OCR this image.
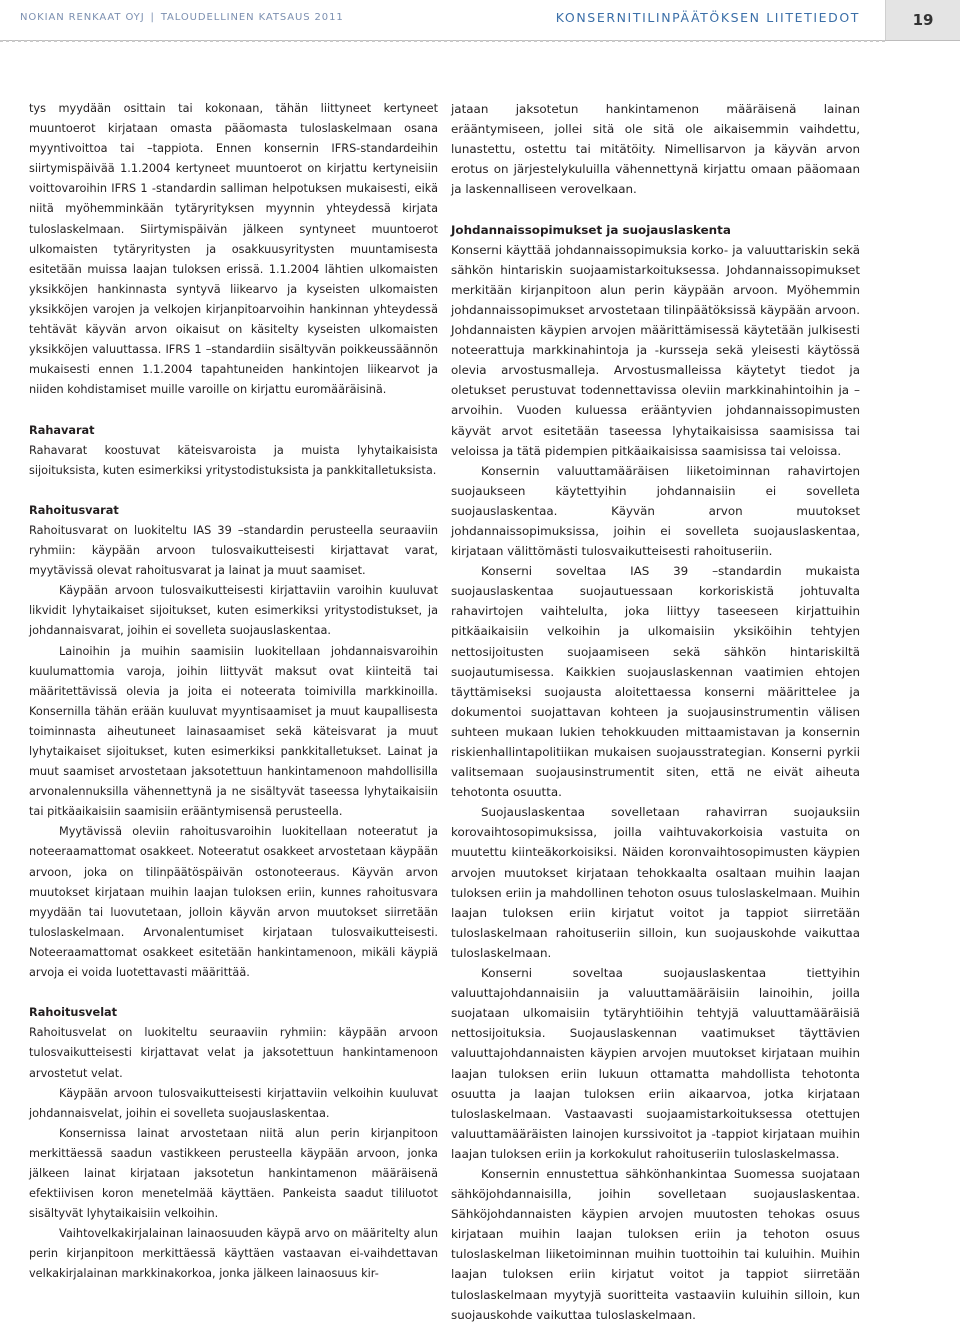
NOKIAN RENKAAT OYJ | TALOUDELLINEN KATSAUS 2011	KONSERNITILINPÄÄTÖKSEN LIITETIEDOT	19

tys myydään osittain tai kokonaan, tähän liittyneet kertyneet muuntoerot kirjataan omasta pääomasta tuloslaskelmaan osana myyntivoittoa tai –tappiota. Ennen konsernin IFRS-standardeihin siirtymispäivää 1.1.2004 kertyneet muuntoerot on kirjattu kertyneisiin voittovaroihin IFRS 1 -standardin salliman helpotuksen mukaisesti, eikä niitä myöhemminkään tytäryrityksen myynnin yhteydessä kirjata tuloslaskelmaan. Siirtymispäivän jälkeen syntyneet muuntoerot ulkomaisten tytäryritysten ja osakkuusyritysten muuntamisesta esitetään muissa laajan tuloksen erissä. 1.1.2004 lähtien ulkomaisten yksikköjen hankinnasta syntyvä liikearvo ja kyseisten ulkomaisten yksikköjen varojen ja velkojen kirjanpitoarvoihin hankinnan yhteydessä tehtävät käyvän arvon oikaisut on käsitelty kyseisten ulkomaisten yksikköjen valuuttassa. IFRS 1 –standardiin sisältyvän poikkeussäännön mukaisesti ennen 1.1.2004 tapahtuneiden hankintojen liikearvot ja niiden kohdistamiset muille varoille on kirjattu euromääräisinä.

Rahavarat

Rahavarat koostuvat käteisvaroista ja muista lyhytaikaisista sijoituksista, kuten esimerkiksi yritystodistuksista ja pankkitalletuksista.

Rahoitusvarat

Rahoitusvarat on luokiteltu IAS 39 –standardin perusteella seuraaviin ryhmiin: käypään arvoon tulosvaikutteisesti kirjattavat varat, myytävissä olevat rahoitusvarat ja lainat ja muut saamiset.

Käypään arvoon tulosvaikutteisesti kirjattaviin varoihin kuuluvat likvidit lyhytaikaiset sijoitukset, kuten esimerkiksi yritystodistukset, ja johdannaisvarat, joihin ei sovelleta suojauslaskentaa.

Lainoihin ja muihin saamisiin luokitellaan johdannaisvaroihin kuulumattomia varoja, joihin liittyvät maksut ovat kiinteitä tai määritettävissä olevia ja joita ei noteerata toimivilla markkinoilla. Konsernilla tähän erään kuuluvat myyntisaamiset ja muut kaupallisesta toiminnasta aiheutuneet lainasaamiset sekä käteisvarat ja muut lyhytaikaiset sijoitukset, kuten esimerkiksi pankkitalletukset. Lainat ja muut saamiset arvostetaan jaksotettuun hankintamenoon mahdollisilla arvonalennuksilla vähennettynä ja ne sisältyvät taseessa lyhytaikaisiin tai pitkäaikaisiin saamisiin erääntymisensä perusteella.

Myytävissä oleviin rahoitusvaroihin luokitellaan noteeratut ja noteeraamattomat osakkeet. Noteeratut osakkeet arvostetaan käypään arvoon, joka on tilinpäätöspäivän ostonoteeraus. Käyvän arvon muutokset kirjataan muihin laajan tuloksen eriin, kunnes rahoitusvara myydään tai luovutetaan, jolloin käyvän arvon muutokset siirretään tuloslaskelmaan. Arvonalentumiset kirjataan tulosvaikutteisesti. Noteeraamattomat osakkeet esitetään hankintamenoon, mikäli käypiä arvoja ei voida luotettavasti määrittää.

Rahoitusvelat

Rahoitusvelat on luokiteltu seuraaviin ryhmiin: käypään arvoon tulosvaikutteisesti kirjattavat velat ja jaksotettuun hankintamenoon arvostetut velat.

Käypään arvoon tulosvaikutteisesti kirjattaviin velkoihin kuuluvat johdannaisvelat, joihin ei sovelleta suojauslaskentaa.

Konsernissa lainat arvostetaan niitä alun perin kirjanpitoon merkittäessä saadun vastikkeen perusteella käypään arvoon, jonka jälkeen lainat kirjataan jaksotetun hankintamenon määräisenä efektiivisen koron menetelmää käyttäen. Pankeista saadut tililuotot sisältyvät lyhytaikaisiin velkoihin.

Vaihtovelkakirjalainan lainaosuuden käypä arvo on määritelty alun perin kirjanpitoon merkittäessä käyttäen vastaavan ei-vaihdettavan velkakirjalainan markkinakorkoa, jonka jälkeen lainaosuus kir-

jataan jaksotetun hankintamenon määräisenä lainan erääntymiseen, jollei sitä ole sitä ole aikaisemmin vaihdettu, lunastettu, ostettu tai mitätöity. Nimellisarvon ja käyvän arvon erotus on järjestelykuluilla vähennettynä kirjattu omaan pääomaan ja laskennalliseen verovelkaan.

Johdannaissopimukset ja suojauslaskenta

Konserni käyttää johdannaissopimuksia korko- ja valuuttariskin sekä sähkön hintariskin suojaamistarkoituksessa. Johdannaissopimukset merkitään kirjanpitoon alun perin käypään arvoon. Myöhemmin johdannaissopimukset arvostetaan tilinpäätöksissä käypään arvoon. Johdannaisten käypien arvojen määrittämisessä käytetään julkisesti noteerattuja markkinahintoja ja -kursseja sekä yleisesti käytössä olevia arvostusmalleja. Arvostusmalleissa käytetyt tiedot ja oletukset perustuvat todennettavissa oleviin markkinahintoihin ja –arvoihin. Vuoden kuluessa erääntyvien johdannaissopimusten käyvät arvot esitetään taseessa lyhytaikaisissa saamisissa tai veloissa ja tätä pidempien pitkäaikaisissa saamisissa tai veloissa.

Konsernin valuuttamääräisen liiketoiminnan rahavirtojen suojaukseen käytettyihin johdannaisiin ei sovelleta suojauslaskentaa. Käyvän arvon muutokset johdannaissopimuksissa, joihin ei sovelleta suojauslaskentaa, kirjataan välittömästi tulosvaikutteisesti rahoituseriin.

Konserni soveltaa IAS 39 –standardin mukaista suojauslaskentaa suojautuessaan korkoriskistä johtuvalta rahavirtojen vaihtelulta, joka liittyy taseeseen kirjattuihin pitkäaikaisiin velkoihin ja ulkomaisiin yksiköihin tehtyjen nettosijoitusten suojaamiseen sekä sähkön hintariskiltä suojautumisessa. Kaikkien suojauslaskennan vaatimien ehtojen täyttämiseksi suojausta aloitettaessa konserni määrittelee ja dokumentoi suojattavan kohteen ja suojausinstrumentin välisen suhteen mukaan lukien tehokkuuden mittaamistavan ja konsernin riskienhallintapolitiikan mukaisen suojausstrategian. Konserni pyrkii valitsemaan suojausinstrumentit siten, että ne eivät aiheuta tehotonta osuutta.

Suojauslaskentaa sovelletaan rahavirran suojauksiin korovaihtosopimuksissa, joilla vaihtuvakorkoisia vastuita on muutettu kiinteäkorkoisiksi. Näiden koronvaihtosopimusten käypien arvojen muutokset kirjataan tehokkaalta osaltaan muihin laajan tuloksen eriin ja mahdollinen tehoton osuus tuloslaskelmaan. Muihin laajan tuloksen eriin kirjatut voitot ja tappiot siirretään tuloslaskelmaan rahoituseriin silloin, kun suojauskohde vaikuttaa tuloslaskelmaan.

Konserni soveltaa suojauslaskentaa tiettyihin valuuttajohdannaisiin ja valuuttamääräisiin lainoihin, joilla suojataan ulkomaisiin tytäryhtiöihin tehtyjä valuuttamääräisiä nettosijoituksia. Suojauslaskennan vaatimukset täyttävien valuuttajohdannaisten käypien arvojen muutokset kirjataan muihin laajan tuloksen eriin lukuun ottamatta mahdollista tehotonta osuutta ja laajan tuloksen eriin aikaarvoa, jotka kirjataan tuloslaskelmaan. Vastaavasti suojaamistarkoituksessa otettujen valuuttamääräisten lainojen kurssivoitot ja -tappiot kirjataan muihin laajan tuloksen eriin ja korkokulut rahoituseriin tuloslaskelmassa.

Konsernin ennustettua sähkönhankintaa Suomessa suojataan sähköjohdannaisilla, joihin sovelletaan suojauslaskentaa. Sähköjohdannaisten käypien arvojen muutosten tehokas osuus kirjataan muihin laajan tuloksen eriin ja tehoton osuus tuloslaskelman liiketoiminnan muihin tuottoihin tai kuluihin. Muihin laajan tuloksen eriin kirjatut voitot ja tappiot siirretään tuloslaskelmaan myytyjä suoritteita vastaaviin kuluihin silloin, kun suojauskohde vaikuttaa tuloslaskelmaan.
